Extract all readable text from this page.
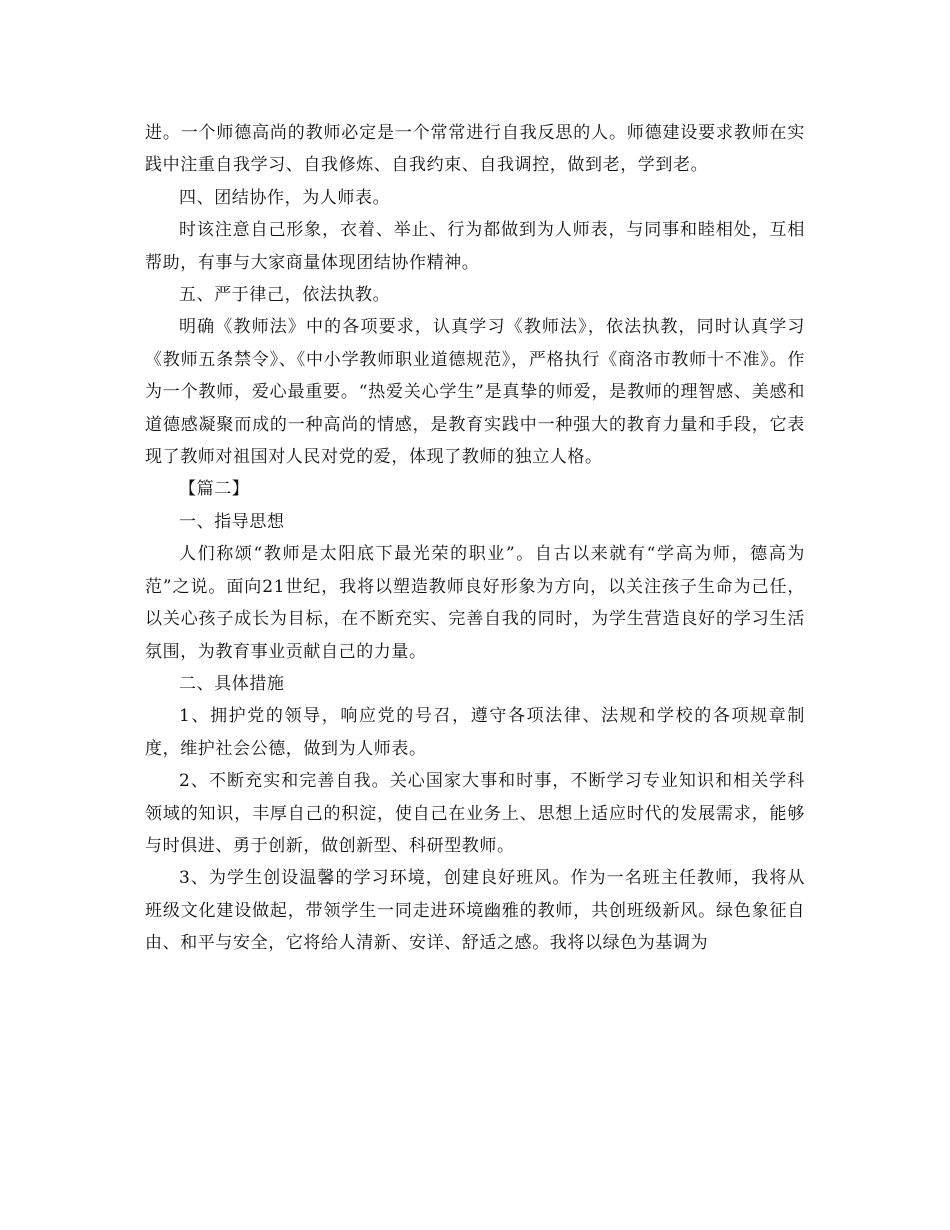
进。一个师德高尚的教师必定是一个常常进行自我反思的人。师德建设要求教师在实践中注重自我学习、自我修炼、自我约束、自我调控，做到老，学到老。

四、团结协作，为人师表。

时该注意自己形象，衣着、举止、行为都做到为人师表，与同事和睦相处，互相帮助，有事与大家商量体现团结协作精神。

五、严于律己，依法执教。

明确《教师法》中的各项要求，认真学习《教师法》，依法执教，同时认真学习《教师五条禁令》、《中小学教师职业道德规范》，严格执行《商洛市教师十不准》。作为一个教师，爱心最重要。“热爱关心学生”是真挚的师爱，是教师的理智感、美感和道德感凝聚而成的一种高尚的情感，是教育实践中一种强大的教育力量和手段，它表现了教师对祖国对人民对党的爱，体现了教师的独立人格。

【篇二】

一、指导思想

人们称颂“教师是太阳底下最光荣的职业”。自古以来就有“学高为师，德高为范”之说。面向21世纪，我将以塑造教师良好形象为方向，以关注孩子生命为己任，以关心孩子成长为目标，在不断充实、完善自我的同时，为学生营造良好的学习生活氛围，为教育事业贡献自己的力量。

二、具体措施

1、拥护党的领导，响应党的号召，遵守各项法律、法规和学校的各项规章制度，维护社会公德，做到为人师表。

2、不断充实和完善自我。关心国家大事和时事，不断学习专业知识和相关学科领域的知识，丰厚自己的积淀，使自己在业务上、思想上适应时代的发展需求，能够与时俱进、勇于创新，做创新型、科研型教师。

3、为学生创设温馨的学习环境，创建良好班风。作为一名班主任教师，我将从班级文化建设做起，带领学生一同走进环境幽雅的教师，共创班级新风。绿色象征自由、和平与安全，它将给人清新、安详、舒适之感。我将以绿色为基调为
